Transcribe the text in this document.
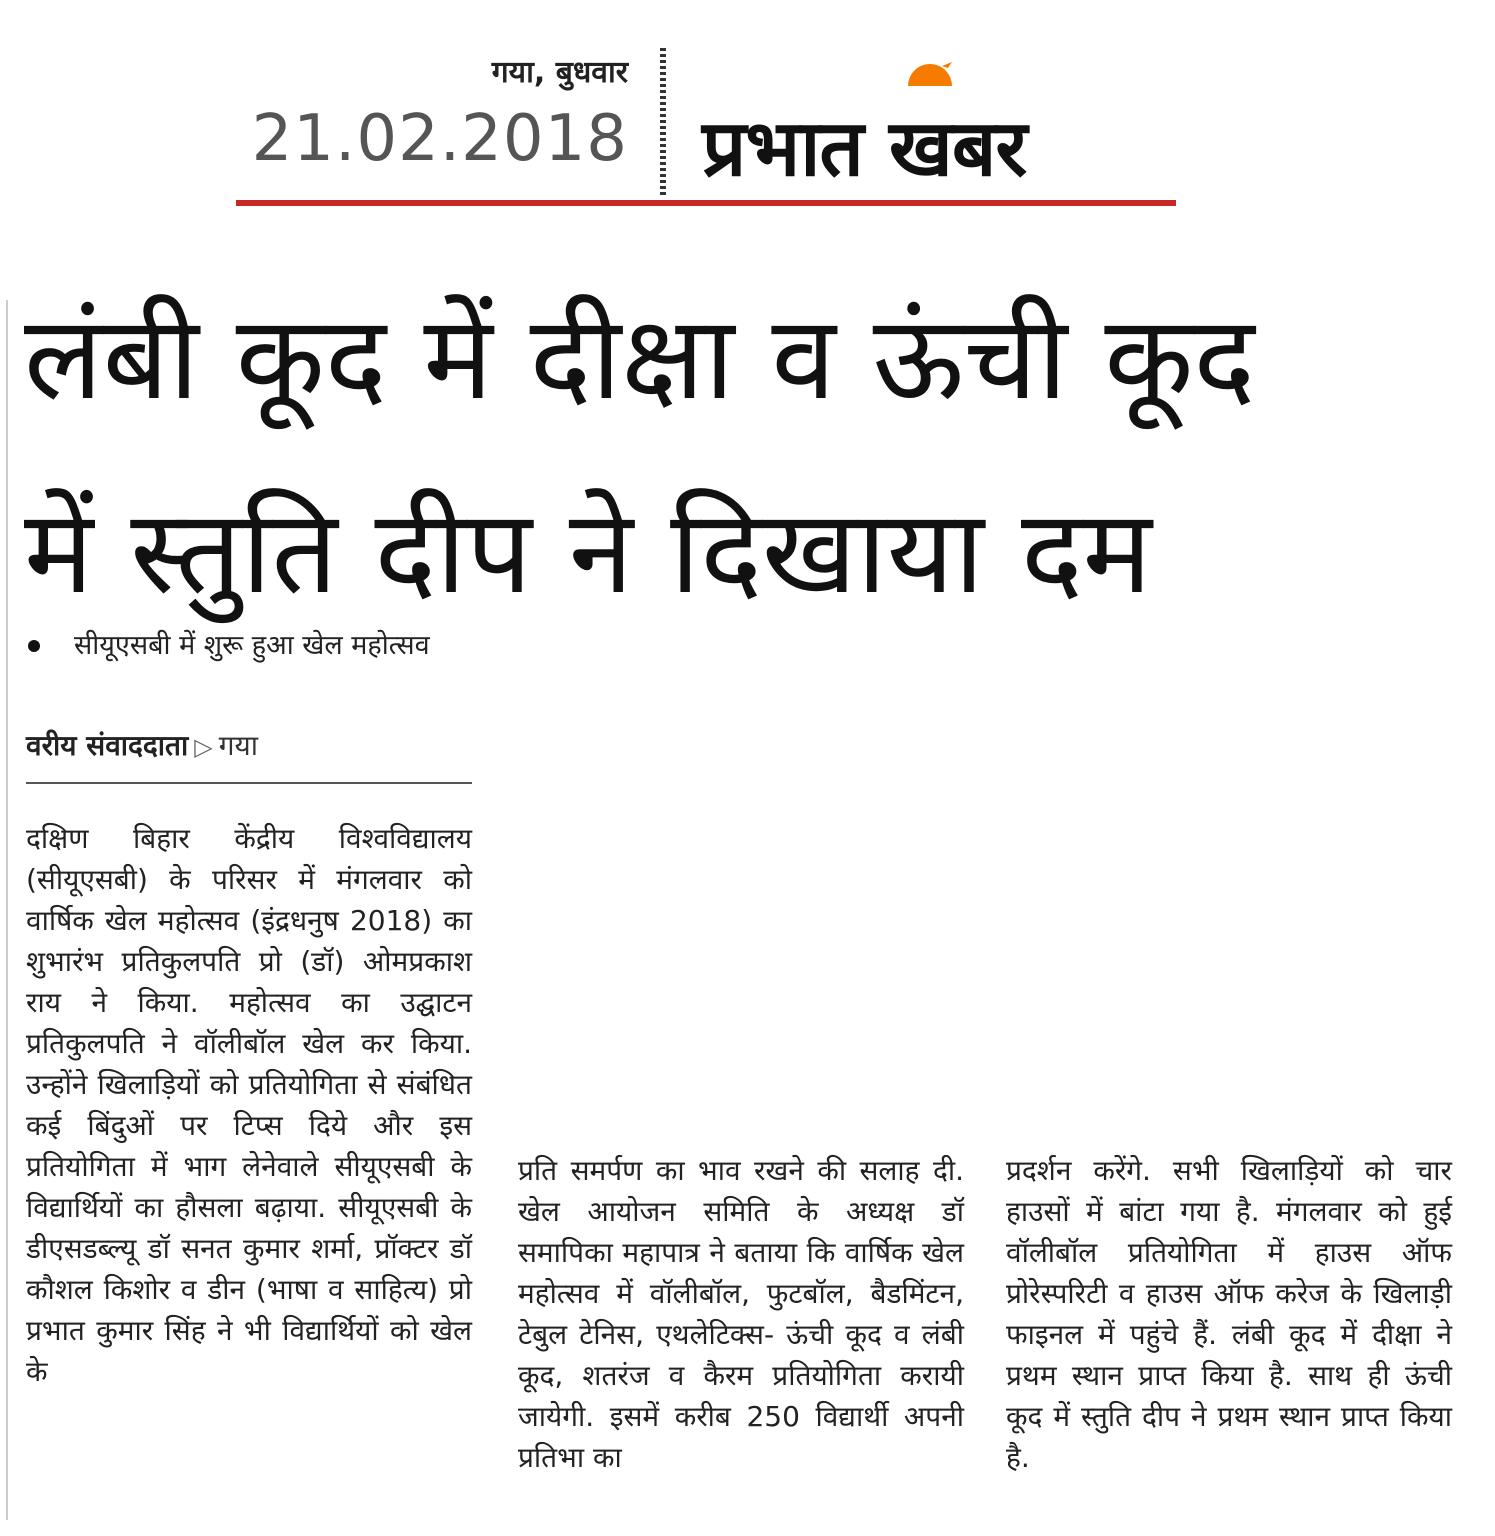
गया, बुधवार
21.02.2018 प्रभात खबर
लंबी कूद में दीक्षा व ऊंची कूद
में स्तुति दीप ने दिखाया दम
सीयूएसबी में शुरू हुआ खेल महोत्सव
वरीय संवाददाता ▷ गया

दक्षिण बिहार केंद्रीय विश्वविद्यालय (सीयूएसबी) के परिसर में मंगलवार को वार्षिक खेल महोत्सव (इंद्रधनुष 2018) का शुभारंभ प्रतिकुलपति प्रो (डॉ) ओमप्रकाश राय ने किया. महोत्सव का उद्घाटन प्रतिकुलपति ने वॉलीबॉल खेल कर किया. उन्होंने खिलाड़ियों को प्रतियोगिता से संबंधित कई बिंदुओं पर टिप्स दिये और इस प्रतियोगिता में भाग लेनेवाले सीयूएसबी के विद्यार्थियों का हौसला बढ़ाया. सीयूएसबी के डीएसडब्ल्यू डॉ सनत कुमार शर्मा, प्रॉक्टर डॉ कौशल किशोर व डीन (भाषा व साहित्य) प्रो प्रभात कुमार सिंह ने भी विद्यार्थियों को खेल के

प्रति समर्पण का भाव रखने की सलाह दी. खेल आयोजन समिति के अध्यक्ष डॉ समापिका महापात्र ने बताया कि वार्षिक खेल महोत्सव में वॉलीबॉल, फुटबॉल, बैडमिंटन, टेबुल टेनिस, एथलेटिक्स- ऊंची कूद व लंबी कूद, शतरंज व कैरम प्रतियोगिता करायी जायेगी. इसमें करीब 250 विद्यार्थी अपनी प्रतिभा का

प्रदर्शन करेंगे. सभी खिलाड़ियों को चार हाउसों में बांटा गया है. मंगलवार को हुई वॉलीबॉल प्रतियोगिता में हाउस ऑफ प्रोरेस्परिटी व हाउस ऑफ करेज के खिलाड़ी फाइनल में पहुंचे हैं. लंबी कूद में दीक्षा ने प्रथम स्थान प्राप्त किया है. साथ ही ऊंची कूद में स्तुति दीप ने प्रथम स्थान प्राप्त किया है.
